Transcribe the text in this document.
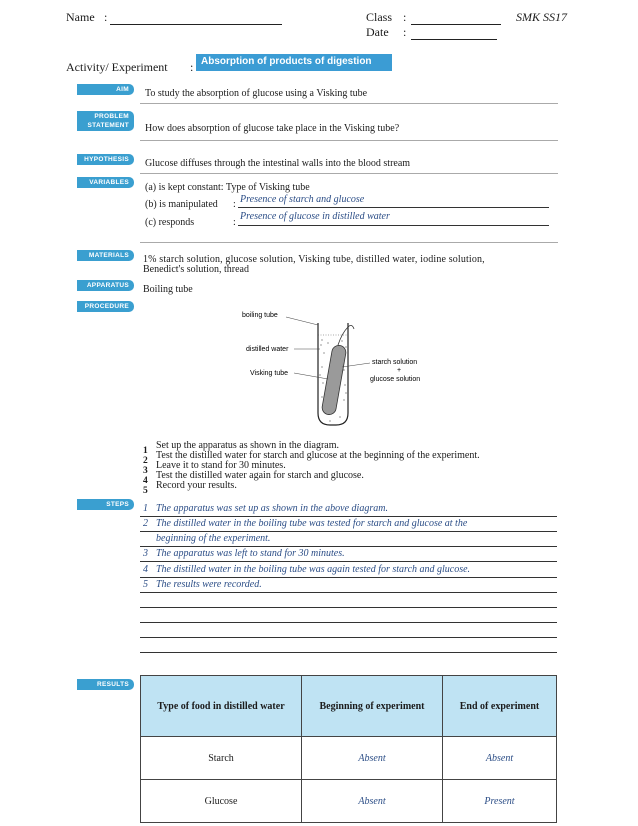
Name :	Class :	SMK SS17
Date :
Activity/ Experiment : Absorption of products of digestion
AIM	To study the absorption of glucose using a Visking tube
PROBLEM
STATEMENT	How does absorption of glucose take place in the Visking tube?
HYPOTHESIS	Glucose diffuses through the intestinal walls into the blood stream
VARIABLES	(a) is kept constant: Type of Visking tube
(b) is manipulated : Presence of starch and glucose
(c) responds	:
Presence of glucose in distilled water
MATERIALS	1% starch solution, glucose solution, Visking tube, distilled water, iodine solution,
Benedict's solution, thread
APPARATUS	Boiling tube
PROCEDURE
boiling tube
distilled water
Visking tube
starch solution
+
glucose solution
1 Set up the apparatus as shown in the diagram.
2 Test the distilled water for starch and glucose at the beginning of the experiment.
3 Leave it to stand for 30 minutes.
4 Test the distilled water again for starch and glucose.
5 Record your results.
STEPS	1 The apparatus was set up as shown in the above diagram.
2 The distilled water in the boiling tube was tested for starch and glucose at the
beginning of the experiment.
3 The apparatus was left to stand for 30 minutes.
4 The distilled water in the boiling tube was again tested for starch and glucose.
5 The results were recorded.
RESULTS
Type of food in distilled water	Beginning of experiment	End of experiment
Starch	Absent	Absent
Glucose	Absent	Present
